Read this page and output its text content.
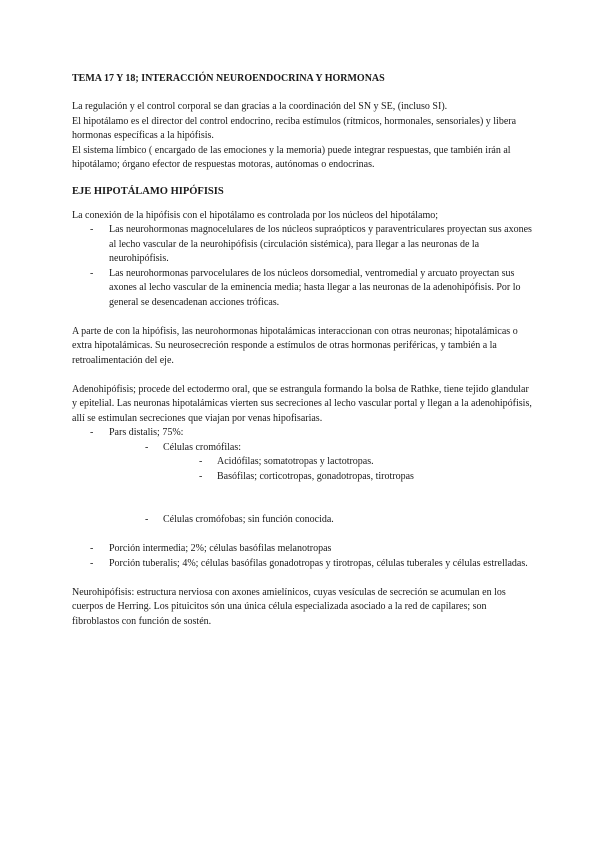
TEMA 17 Y 18; INTERACCIÓN NEUROENDOCRINA Y HORMONAS

La regulación y el control corporal se dan gracias a la coordinación del SN y SE, (incluso SI).

El hipotálamo es el director del control endocrino, reciba estímulos (rítmicos, hormonales, sensoriales) y libera hormonas específicas a la hipófisis.

El sistema límbico ( encargado de las emociones y la memoria) puede integrar respuestas, que también irán al hipotálamo; órgano efector de respuestas motoras, autónomas o endocrinas.

EJE HIPOTÁLAMO HIPÓFISIS

La conexión de la hipófisis con el hipotálamo es controlada por los núcleos del hipotálamo;

- Las neurohormonas magnocelulares de los núcleos supraópticos y paraventriculares proyectan sus axones al lecho vascular de la neurohipófisis (circulación sistémica), para llegar a las neuronas de la neurohipófisis.
- Las neurohormonas parvocelulares de los núcleos dorsomedial, ventromedial y arcuato proyectan sus axones al lecho vascular de la eminencia media; hasta llegar a las neuronas de la adenohipófisis. Por lo general se desencadenan acciones tróficas.

A parte de con la hipófisis, las neurohormonas hipotalámicas interaccionan con otras neuronas; hipotalámicas o extra hipotalámicas. Su neurosecreción responde a estímulos de otras hormonas periféricas, y también a la retroalimentación del eje.

Adenohipófisis; procede del ectodermo oral, que se estrangula formando la bolsa de Rathke, tiene tejido glandular y epitelial. Las neuronas hipotalámicas vierten sus secreciones al lecho vascular portal y llegan a la adenohipófisis, allí se estimulan secreciones que viajan por venas hipofisarias.

- Pars distalis; 75%:
- Células cromófilas:
- Acidófilas; somatotropas y lactotropas.
- Basófilas; corticotropas, gonadotropas, tirotropas
- Células cromófobas; sin función conocida.
- Porción intermedia; 2%; células basófilas melanotropas
- Porción tuberalis; 4%; células basófilas gonadotropas y tirotropas, células tuberales y células estrelladas.

Neurohipófisis: estructura nerviosa con axones amielínicos, cuyas vesículas de secreción se acumulan en los cuerpos de Herring. Los pituicitos són una única célula especializada asociado a la red de capilares; son fibroblastos con función de sostén.
